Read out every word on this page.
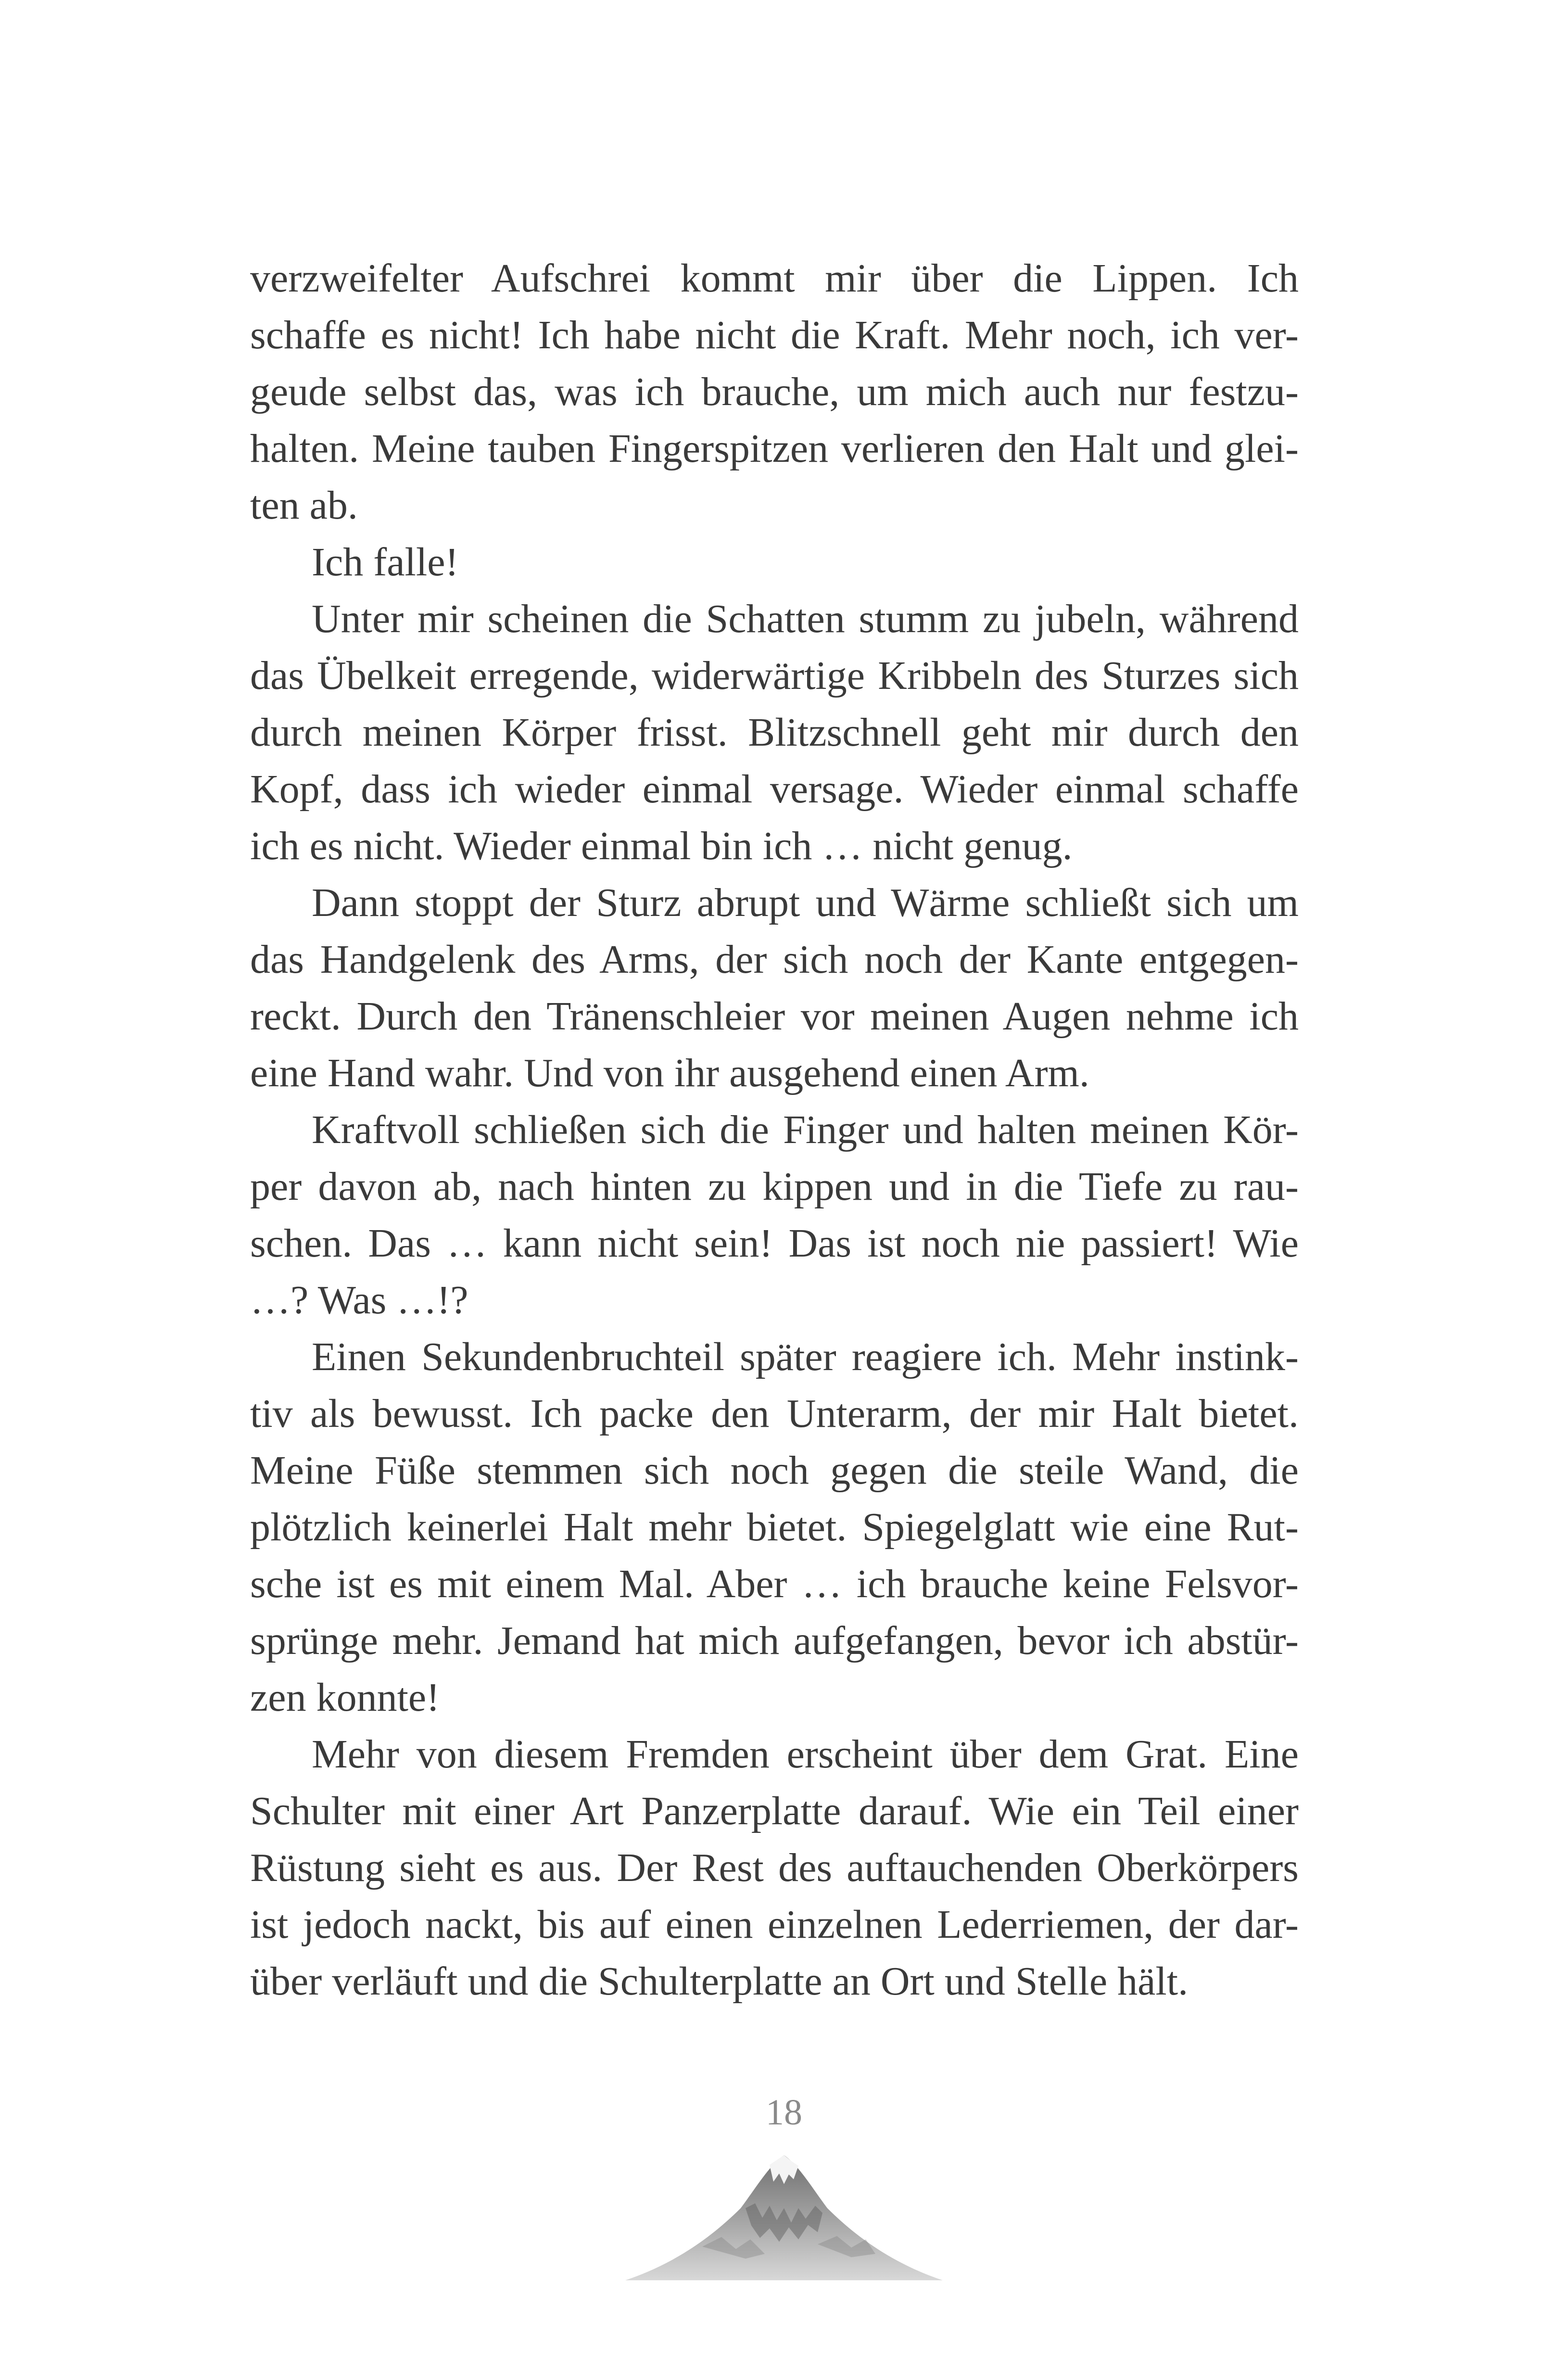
verzweifelter Aufschrei kommt mir über die Lippen. Ich
schaffe es nicht! Ich habe nicht die Kraft. Mehr noch, ich ver-
geude selbst das, was ich brauche, um mich auch nur festzu-
halten. Meine tauben Fingerspitzen verlieren den Halt und glei-
ten ab.
Ich falle!
Unter mir scheinen die Schatten stumm zu jubeln, während
das Übelkeit erregende, widerwärtige Kribbeln des Sturzes sich
durch meinen Körper frisst. Blitzschnell geht mir durch den
Kopf, dass ich wieder einmal versage. Wieder einmal schaffe
ich es nicht. Wieder einmal bin ich … nicht genug.
Dann stoppt der Sturz abrupt und Wärme schließt sich um
das Handgelenk des Arms, der sich noch der Kante entgegen-
reckt. Durch den Tränenschleier vor meinen Augen nehme ich
eine Hand wahr. Und von ihr ausgehend einen Arm.
Kraftvoll schließen sich die Finger und halten meinen Kör-
per davon ab, nach hinten zu kippen und in die Tiefe zu rau-
schen. Das … kann nicht sein! Das ist noch nie passiert! Wie
…? Was …!?
Einen Sekundenbruchteil später reagiere ich. Mehr instink-
tiv als bewusst. Ich packe den Unterarm, der mir Halt bietet.
Meine Füße stemmen sich noch gegen die steile Wand, die
plötzlich keinerlei Halt mehr bietet. Spiegelglatt wie eine Rut-
sche ist es mit einem Mal. Aber … ich brauche keine Felsvor-
sprünge mehr. Jemand hat mich aufgefangen, bevor ich abstür-
zen konnte!
Mehr von diesem Fremden erscheint über dem Grat. Eine
Schulter mit einer Art Panzerplatte darauf. Wie ein Teil einer
Rüstung sieht es aus. Der Rest des auftauchenden Oberkörpers
ist jedoch nackt, bis auf einen einzelnen Lederriemen, der dar-
über verläuft und die Schulterplatte an Ort und Stelle hält.
18
